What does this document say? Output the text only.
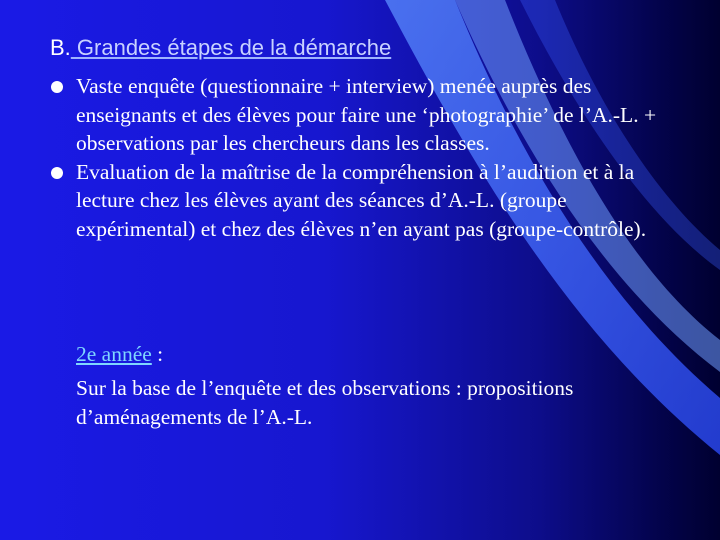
B. Grandes étapes de la démarche
Vaste enquête (questionnaire + interview) menée auprès des enseignants et des élèves pour faire une ‘photographie’ de l’A.-L. + observations par les chercheurs dans les classes.
Evaluation de la maîtrise de la compréhension à l’audition et à la lecture chez les élèves ayant des séances d’A.-L. (groupe expérimental) et chez des élèves n’en ayant pas (groupe-contrôle).

2e année :

Sur la base de l’enquête et des observations : propositions d’aménagements de l’A.-L.
